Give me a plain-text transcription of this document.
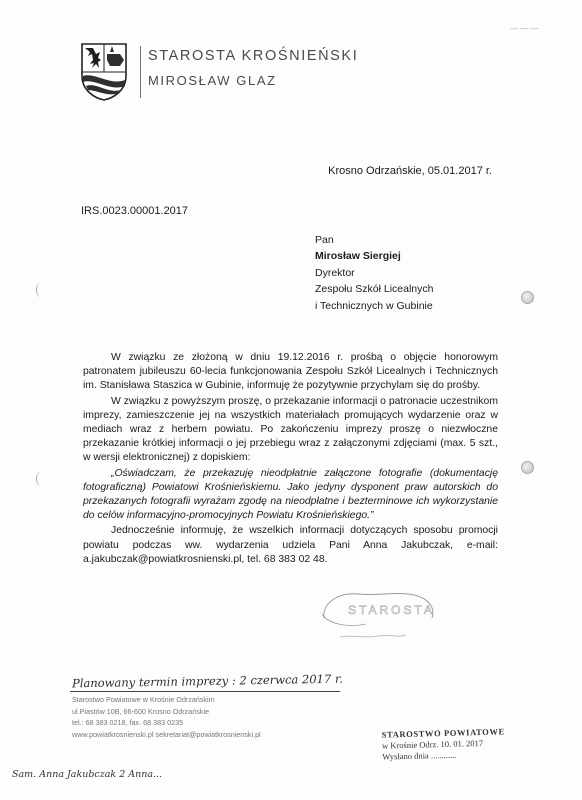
STAROSTA KROŚNIEŃSKI
MIROSŁAW GLAZ
— — —
Krosno Odrzańskie, 05.01.2017 r.
IRS.0023.00001.2017
Pan
Mirosław Siergiej
Dyrektor
Zespołu Szkół Licealnych
i Technicznych w Gubinie

W związku ze złożoną w dniu 19.12.2016 r. prośbą o objęcie honorowym patronatem jubileuszu 60-lecia funkcjonowania Zespołu Szkół Licealnych i Technicznych im. Stanisława Staszica w Gubinie, informuję że pozytywnie przychylam się do prośby.

W związku z powyższym proszę, o przekazanie informacji o patronacie uczestnikom imprezy, zamieszczenie jej na wszystkich materiałach promujących wydarzenie oraz w mediach wraz z herbem powiatu. Po zakończeniu imprezy proszę o niezwłoczne przekazanie krótkiej informacji o jej przebiegu wraz z załączonymi zdjęciami (max. 5 szt., w wersji elektronicznej) z dopiskiem:

„Oświadczam, że przekazuję nieodpłatnie załączone fotografie (dokumentację fotograficzną) Powiatowi Krośnieńskiemu. Jako jedyny dysponent praw autorskich do przekazanych fotografii wyrażam zgodę na nieodpłatne i bezterminowe ich wykorzystanie do celów informacyjno-promocyjnych Powiatu Krośnieńskiego.”

Jednocześnie informuję, że wszelkich informacji dotyczących sposobu promocji powiatu podczas ww. wydarzenia udziela Pani Anna Jakubczak, e-mail: a.jakubczak@powiatkrosnienski.pl, tel. 68 383 02 48.

STAROSTA
Planowany termin imprezy : 2 czerwca 2017 r.
Starostwo Powiatowe w Krośnie Odrzańskim
ul.Piastów 10B, 66-600 Krosno Odrzańskie
tel.: 68 383 0218, fax. 68 383 0235
www.powiatkrosnienski.pl sekretariat@powiatkrosnienski.pl	STAROSTWO POWIATOWE
w Krośnie Odrz. 10. 01. 2017
Wysłano dnia ............
Sam. Anna Jakubczak 2 Anna...
